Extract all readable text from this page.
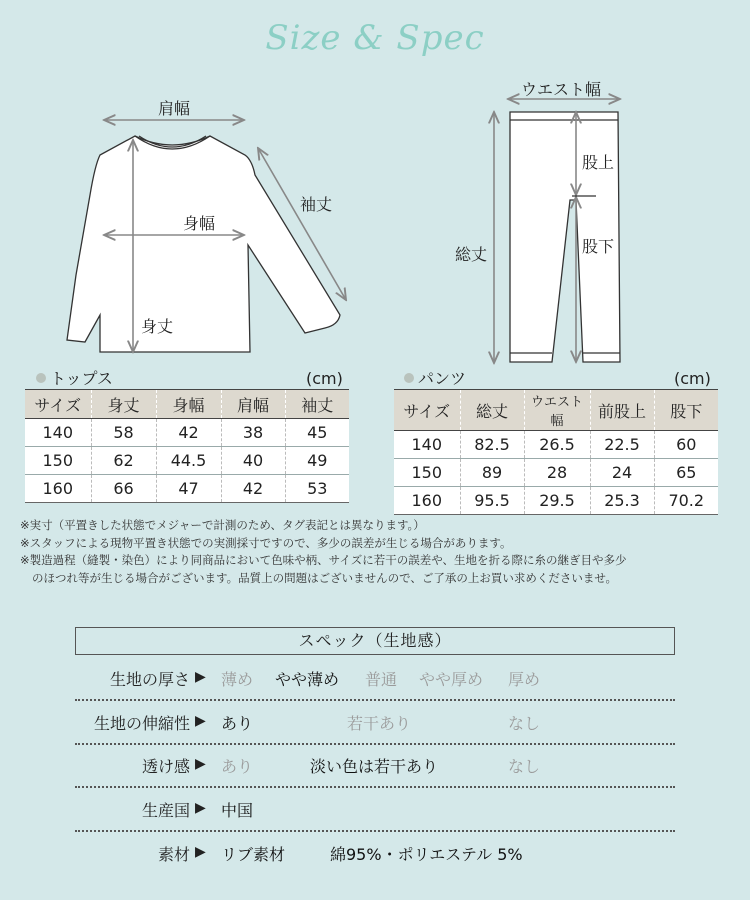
Size & Spec
肩幅
身幅
袖丈
身丈
ウエスト幅
股上
股下
総丈
トップス	(cm)
サイズ	身丈	身幅	肩幅	袖丈
140	58	42	38	45
150	62	44.5	40	49
160	66	47	42	53
パンツ	(cm)
サイズ	総丈	ウエスト幅	前股上	股下
140	82.5	26.5	22.5	60
150	89	28	24	65
160	95.5	29.5	25.3	70.2
※実寸（平置きした状態でメジャーで計測のため、タグ表記とは異なります。）
※スタッフによる現物平置き状態での実測採寸ですので、多少の誤差が生じる場合があります。
※製造過程（縫製・染色）により同商品において色味や柄、サイズに若干の誤差や、生地を折る際に糸の継ぎ目や多少
のほつれ等が生じる場合がございます。品質上の問題はございませんので、ご了承の上お買い求めくださいませ。
スペック（生地感）
生地の厚さ ▶ 薄め やや薄め 普通 やや厚め 厚め
生地の伸縮性 ▶ あり	若干あり	なし
透け感 ▶ あり	淡い色は若干あり	なし
生産国 ▶ 中国
素材 ▶ リブ素材	綿95%・ポリエステル 5%
